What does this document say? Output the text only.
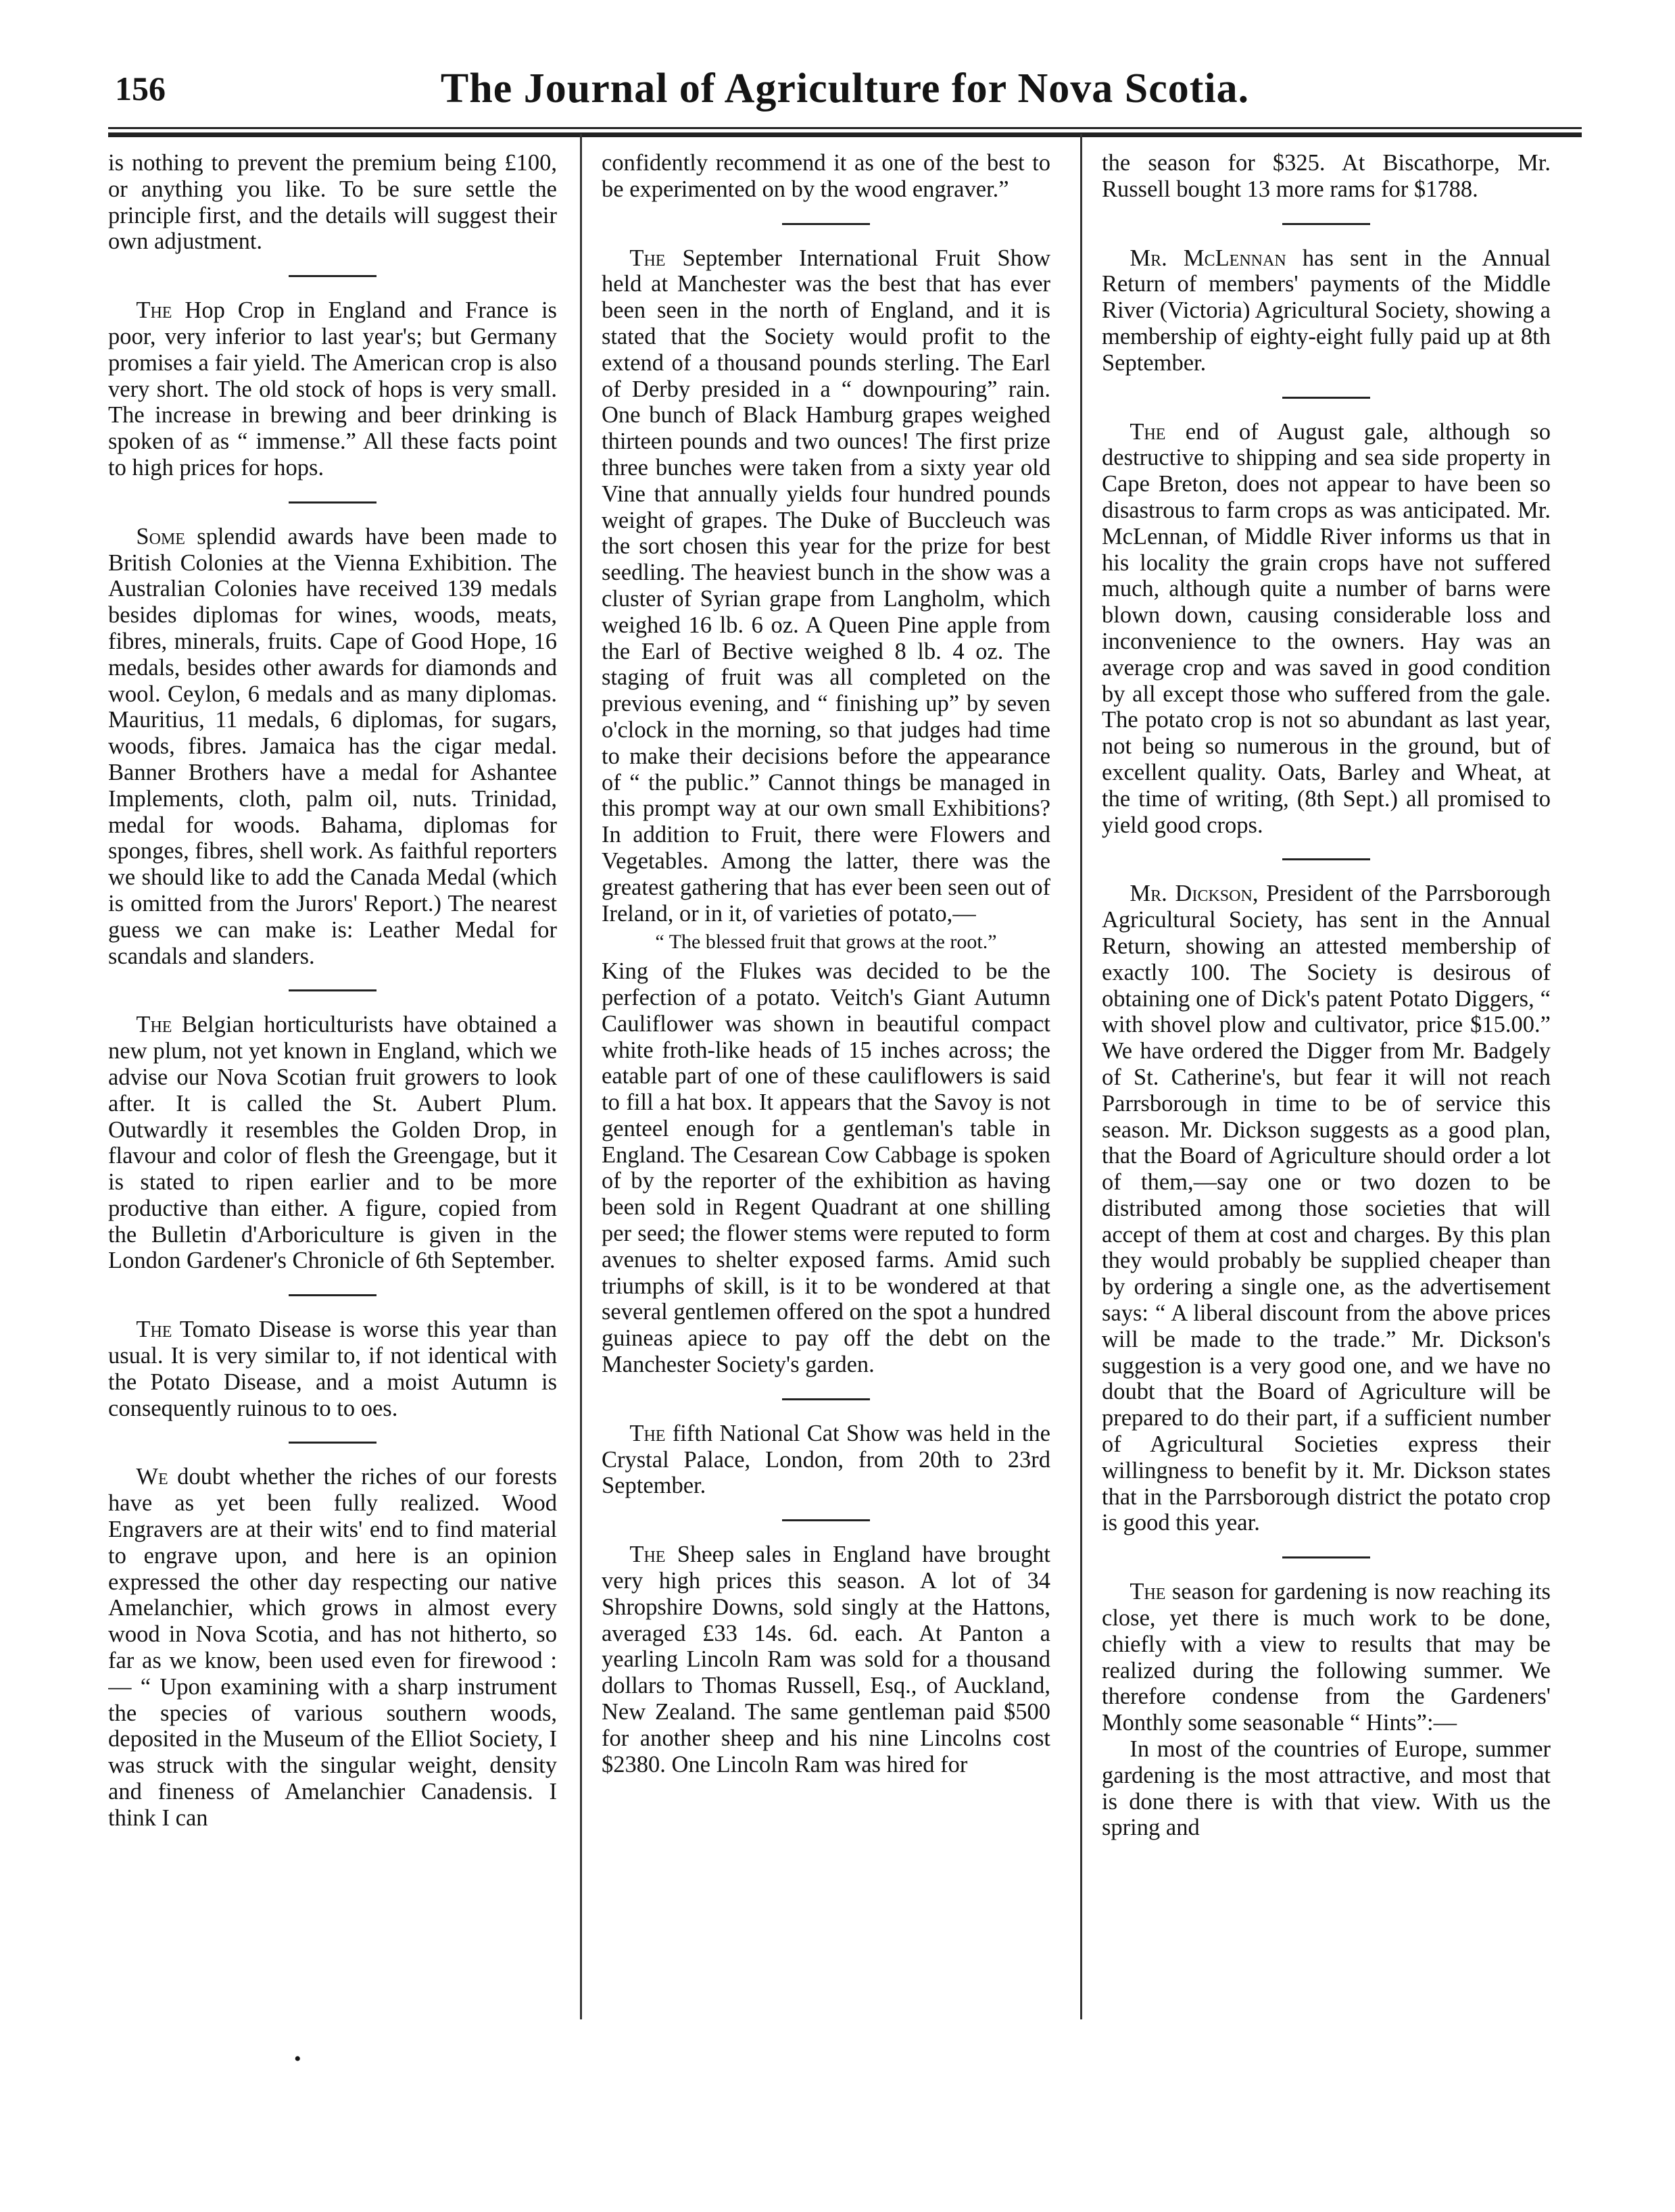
156	The Journal of Agriculture for Nova Scotia.

is nothing to prevent the premium being £100, or anything you like. To be sure settle the principle first, and the details will suggest their own adjustment.

The Hop Crop in England and France is poor, very inferior to last year's; but Germany promises a fair yield. The American crop is also very short. The old stock of hops is very small. The increase in brewing and beer drinking is spoken of as “ immense.” All these facts point to high prices for hops.

Some splendid awards have been made to British Colonies at the Vienna Exhibition. The Australian Colonies have received 139 medals besides diplomas for wines, woods, meats, fibres, minerals, fruits. Cape of Good Hope, 16 medals, besides other awards for diamonds and wool. Ceylon, 6 medals and as many diplomas. Mauritius, 11 medals, 6 diplomas, for sugars, woods, fibres. Jamaica has the cigar medal. Banner Brothers have a medal for Ashantee Implements, cloth, palm oil, nuts. Trinidad, medal for woods. Bahama, diplomas for sponges, fibres, shell work. As faithful reporters we should like to add the Canada Medal (which is omitted from the Jurors' Report.) The nearest guess we can make is: Leather Medal for scandals and slanders.

The Belgian horticulturists have obtained a new plum, not yet known in England, which we advise our Nova Scotian fruit growers to look after. It is called the St. Aubert Plum. Outwardly it resembles the Golden Drop, in flavour and color of flesh the Greengage, but it is stated to ripen earlier and to be more productive than either. A figure, copied from the Bulletin d'Arboriculture is given in the London Gardener's Chronicle of 6th September.

The Tomato Disease is worse this year than usual. It is very similar to, if not identical with the Potato Disease, and a moist Autumn is consequently ruinous to to oes.

We doubt whether the riches of our forests have as yet been fully realized. Wood Engravers are at their wits' end to find material to engrave upon, and here is an opinion expressed the other day respecting our native Amelanchier, which grows in almost every wood in Nova Scotia, and has not hitherto, so far as we know, been used even for firewood :— “ Upon examining with a sharp instrument the species of various southern woods, deposited in the Museum of the Elliot Society, I was struck with the singular weight, density and fineness of Amelanchier Canadensis. I think I can

confidently recommend it as one of the best to be experimented on by the wood engraver.”

The September International Fruit Show held at Manchester was the best that has ever been seen in the north of England, and it is stated that the Society would profit to the extend of a thousand pounds sterling. The Earl of Derby presided in a “ downpouring” rain. One bunch of Black Hamburg grapes weighed thirteen pounds and two ounces! The first prize three bunches were taken from a sixty year old Vine that annually yields four hundred pounds weight of grapes. The Duke of Buccleuch was the sort chosen this year for the prize for best seedling. The heaviest bunch in the show was a cluster of Syrian grape from Langholm, which weighed 16 lb. 6 oz. A Queen Pine apple from the Earl of Bective weighed 8 lb. 4 oz. The staging of fruit was all completed on the previous evening, and “ finishing up” by seven o'clock in the morning, so that judges had time to make their decisions before the appearance of “ the public.” Cannot things be managed in this prompt way at our own small Exhibitions? In addition to Fruit, there were Flowers and Vegetables. Among the latter, there was the greatest gathering that has ever been seen out of Ireland, or in it, of varieties of potato,—

“ The blessed fruit that grows at the root.”

King of the Flukes was decided to be the perfection of a potato. Veitch's Giant Autumn Cauliflower was shown in beautiful compact white froth-like heads of 15 inches across; the eatable part of one of these cauliflowers is said to fill a hat box. It appears that the Savoy is not genteel enough for a gentleman's table in England. The Cesarean Cow Cabbage is spoken of by the reporter of the exhibition as having been sold in Regent Quadrant at one shilling per seed; the flower stems were reputed to form avenues to shelter exposed farms. Amid such triumphs of skill, is it to be wondered at that several gentlemen offered on the spot a hundred guineas apiece to pay off the debt on the Manchester Society's garden.

The fifth National Cat Show was held in the Crystal Palace, London, from 20th to 23rd September.

The Sheep sales in England have brought very high prices this season. A lot of 34 Shropshire Downs, sold singly at the Hattons, averaged £33 14s. 6d. each. At Panton a yearling Lincoln Ram was sold for a thousand dollars to Thomas Russell, Esq., of Auckland, New Zealand. The same gentleman paid $500 for another sheep and his nine Lincolns cost $2380. One Lincoln Ram was hired for

the season for $325. At Biscathorpe, Mr. Russell bought 13 more rams for $1788.

Mr. McLennan has sent in the Annual Return of members' payments of the Middle River (Victoria) Agricultural Society, showing a membership of eighty-eight fully paid up at 8th September.

The end of August gale, although so destructive to shipping and sea side property in Cape Breton, does not appear to have been so disastrous to farm crops as was anticipated. Mr. McLennan, of Middle River informs us that in his locality the grain crops have not suffered much, although quite a number of barns were blown down, causing considerable loss and inconvenience to the owners. Hay was an average crop and was saved in good condition by all except those who suffered from the gale. The potato crop is not so abundant as last year, not being so numerous in the ground, but of excellent quality. Oats, Barley and Wheat, at the time of writing, (8th Sept.) all promised to yield good crops.

Mr. Dickson, President of the Parrsborough Agricultural Society, has sent in the Annual Return, showing an attested membership of exactly 100. The Society is desirous of obtaining one of Dick's patent Potato Diggers, “ with shovel plow and cultivator, price $15.00.” We have ordered the Digger from Mr. Badgely of St. Catherine's, but fear it will not reach Parrsborough in time to be of service this season. Mr. Dickson suggests as a good plan, that the Board of Agriculture should order a lot of them,—say one or two dozen to be distributed among those societies that will accept of them at cost and charges. By this plan they would probably be supplied cheaper than by ordering a single one, as the advertisement says: “ A liberal discount from the above prices will be made to the trade.” Mr. Dickson's suggestion is a very good one, and we have no doubt that the Board of Agriculture will be prepared to do their part, if a sufficient number of Agricultural Societies express their willingness to benefit by it. Mr. Dickson states that in the Parrsborough district the potato crop is good this year.

The season for gardening is now reaching its close, yet there is much work to be done, chiefly with a view to results that may be realized during the following summer. We therefore condense from the Gardeners' Monthly some seasonable “ Hints”:—

In most of the countries of Europe, summer gardening is the most attractive, and most that is done there is with that view. With us the spring and

•
